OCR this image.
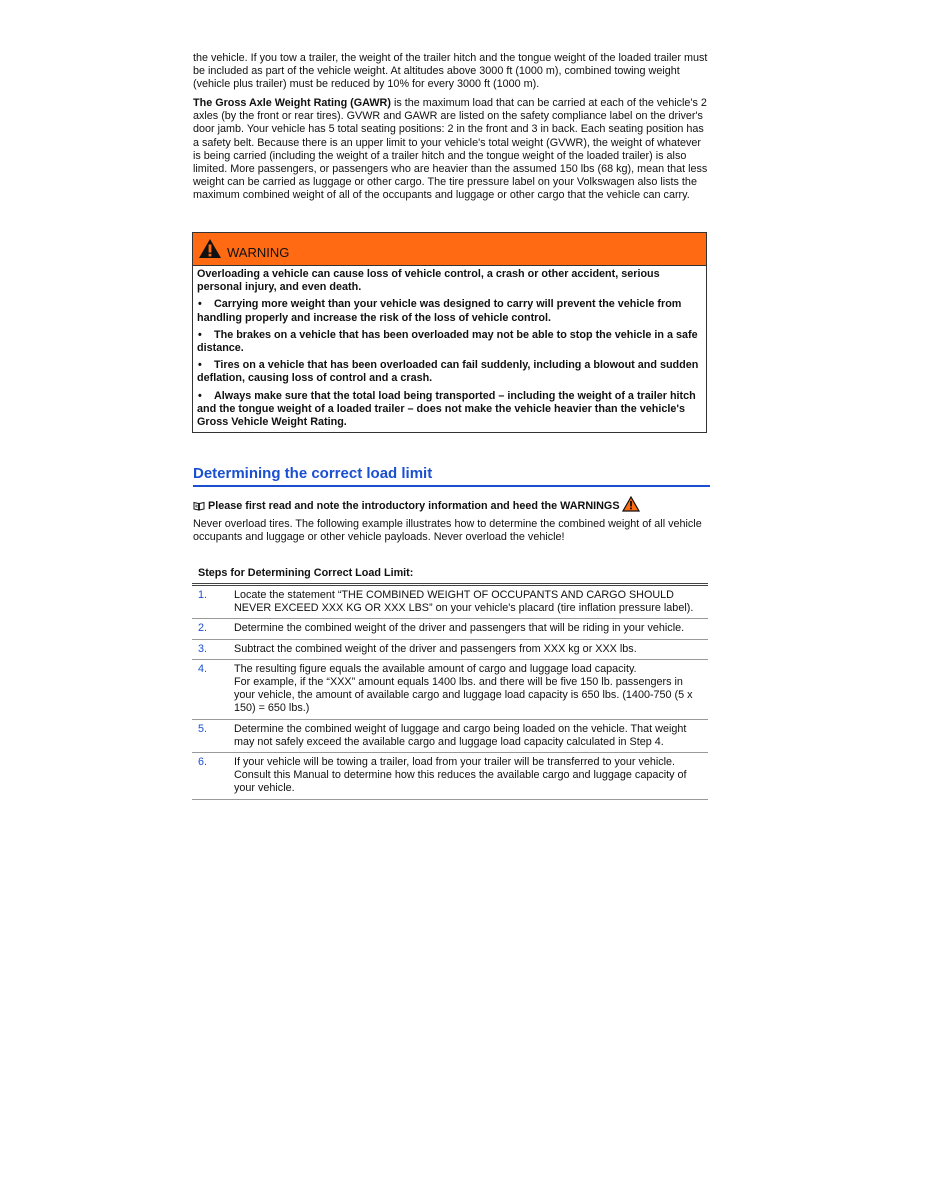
the vehicle. If you tow a trailer, the weight of the trailer hitch and the tongue weight of the loaded trailer must be included as part of the vehicle weight. At altitudes above 3000 ft (1000 m), combined towing weight (vehicle plus trailer) must be reduced by 10% for every 3000 ft (1000 m).

The Gross Axle Weight Rating (GAWR) is the maximum load that can be carried at each of the vehicle's 2 axles (by the front or rear tires). GVWR and GAWR are listed on the safety compliance label on the driver's door jamb. Your vehicle has 5 total seating positions: 2 in the front and 3 in back. Each seating position has a safety belt. Because there is an upper limit to your vehicle's total weight (GVWR), the weight of whatever is being carried (including the weight of a trailer hitch and the tongue weight of the loaded trailer) is also limited. More passengers, or passengers who are heavier than the assumed 150 lbs (68 kg), mean that less weight can be carried as luggage or other cargo. The tire pressure label on your Volkswagen also lists the maximum combined weight of all of the occupants and luggage or other cargo that the vehicle can carry.

WARNING
Overloading a vehicle can cause loss of vehicle control, a crash or other accident, serious personal injury, and even death.
• Carrying more weight than your vehicle was designed to carry will prevent the vehicle from handling properly and increase the risk of the loss of vehicle control.
• The brakes on a vehicle that has been overloaded may not be able to stop the vehicle in a safe distance.
• Tires on a vehicle that has been overloaded can fail suddenly, including a blowout and sudden deflation, causing loss of control and a crash.
• Always make sure that the total load being transported – including the weight of a trailer hitch and the tongue weight of a loaded trailer – does not make the vehicle heavier than the vehicle's Gross Vehicle Weight Rating.
Determining the correct load limit
Please first read and note the introductory information and heed the WARNINGS

Never overload tires. The following example illustrates how to determine the combined weight of all vehicle occupants and luggage or other vehicle payloads. Never overload the vehicle!

Steps for Determining Correct Load Limit:
1.	Locate the statement “THE COMBINED WEIGHT OF OCCUPANTS AND CARGO SHOULD NEVER EXCEED XXX KG OR XXX LBS” on your vehicle's placard (tire inflation pressure label).
2.	Determine the combined weight of the driver and passengers that will be riding in your vehicle.
3.	Subtract the combined weight of the driver and passengers from XXX kg or XXX lbs.
4.	The resulting figure equals the available amount of cargo and luggage load capacity.
For example, if the “XXX” amount equals 1400 lbs. and there will be five 150 lb. passengers in your vehicle, the amount of available cargo and luggage load capacity is 650 lbs. (1400-750 (5 x 150) = 650 lbs.)
5.	Determine the combined weight of luggage and cargo being loaded on the vehicle. That weight may not safely exceed the available cargo and luggage load capacity calculated in Step 4.
6.	If your vehicle will be towing a trailer, load from your trailer will be transferred to your vehicle. Consult this Manual to determine how this reduces the available cargo and luggage capacity of your vehicle.
